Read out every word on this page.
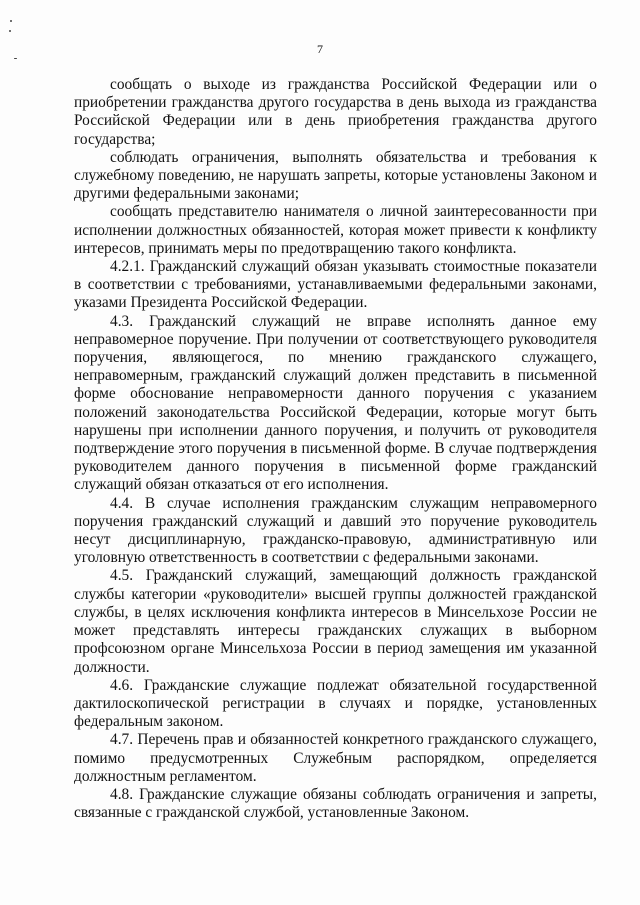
7

сообщать о выходе из гражданства Российской Федерации или о приобретении гражданства другого государства в день выхода из гражданства Российской Федерации или в день приобретения гражданства другого государства;

соблюдать ограничения, выполнять обязательства и требования к служебному поведению, не нарушать запреты, которые установлены Законом и другими федеральными законами;

сообщать представителю нанимателя о личной заинтересованности при исполнении должностных обязанностей, которая может привести к конфликту интересов, принимать меры по предотвращению такого конфликта.

4.2.1. Гражданский служащий обязан указывать стоимостные показатели в соответствии с требованиями, устанавливаемыми федеральными законами, указами Президента Российской Федерации.

4.3. Гражданский служащий не вправе исполнять данное ему неправомерное поручение. При получении от соответствующего руководителя поручения, являющегося, по мнению гражданского служащего, неправомерным, гражданский служащий должен представить в письменной форме обоснование неправомерности данного поручения с указанием положений законодательства Российской Федерации, которые могут быть нарушены при исполнении данного поручения, и получить от руководителя подтверждение этого поручения в письменной форме. В случае подтверждения руководителем данного поручения в письменной форме гражданский служащий обязан отказаться от его исполнения.

4.4. В случае исполнения гражданским служащим неправомерного поручения гражданский служащий и давший это поручение руководитель несут дисциплинарную, гражданско-правовую, административную или уголовную ответственность в соответствии с федеральными законами.

4.5. Гражданский служащий, замещающий должность гражданской службы категории «руководители» высшей группы должностей гражданской службы, в целях исключения конфликта интересов в Минсельхозе России не может представлять интересы гражданских служащих в выборном профсоюзном органе Минсельхоза России в период замещения им указанной должности.

4.6. Гражданские служащие подлежат обязательной государственной дактилоскопической регистрации в случаях и порядке, установленных федеральным законом.

4.7. Перечень прав и обязанностей конкретного гражданского служащего, помимо предусмотренных Служебным распорядком, определяется должностным регламентом.

4.8. Гражданские служащие обязаны соблюдать ограничения и запреты, связанные с гражданской службой, установленные Законом.
